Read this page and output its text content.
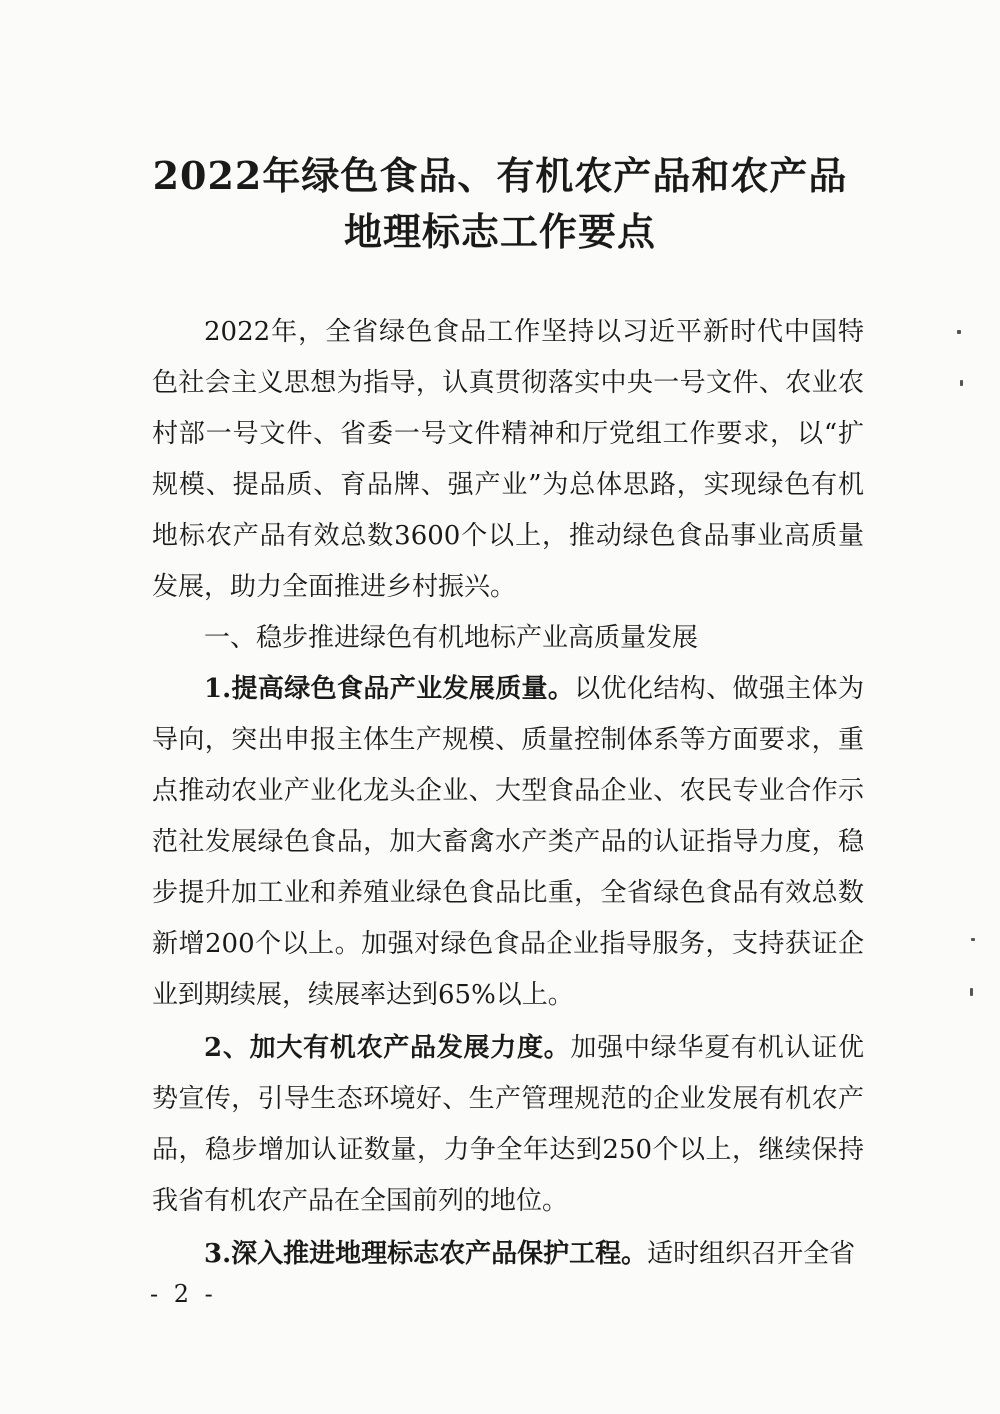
2022年绿色食品、有机农产品和农产品
地理标志工作要点

2022年，全省绿色食品工作坚持以习近平新时代中国特色社会主义思想为指导，认真贯彻落实中央一号文件、农业农村部一号文件、省委一号文件精神和厅党组工作要求，以“扩规模、提品质、育品牌、强产业”为总体思路，实现绿色有机地标农产品有效总数3600个以上，推动绿色食品事业高质量发展，助力全面推进乡村振兴。

一、稳步推进绿色有机地标产业高质量发展

1.提高绿色食品产业发展质量。以优化结构、做强主体为导向，突出申报主体生产规模、质量控制体系等方面要求，重点推动农业产业化龙头企业、大型食品企业、农民专业合作示范社发展绿色食品，加大畜禽水产类产品的认证指导力度，稳步提升加工业和养殖业绿色食品比重，全省绿色食品有效总数新增200个以上。加强对绿色食品企业指导服务，支持获证企业到期续展，续展率达到65%以上。

2、加大有机农产品发展力度。加强中绿华夏有机认证优势宣传，引导生态环境好、生产管理规范的企业发展有机农产品，稳步增加认证数量，力争全年达到250个以上，继续保持我省有机农产品在全国前列的地位。

3.深入推进地理标志农产品保护工程。适时组织召开全省

- 2 -
